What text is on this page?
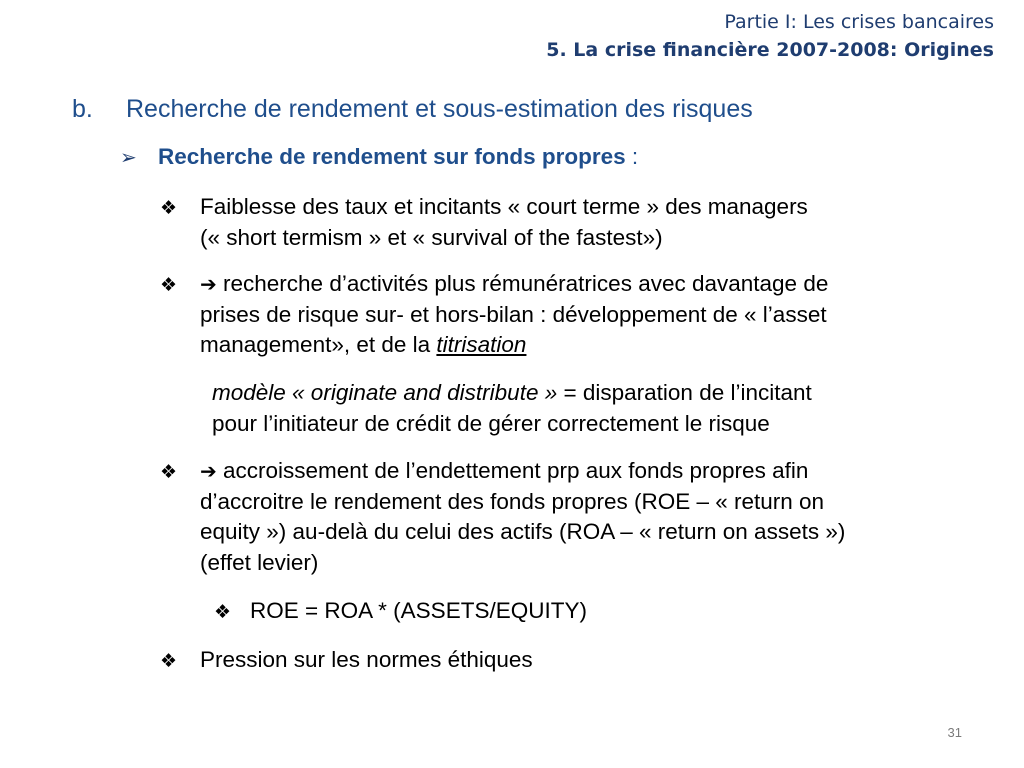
Partie I: Les crises bancaires
5. La crise financière 2007-2008: Origines
b. Recherche de rendement et sous-estimation des risques
➢ Recherche de rendement sur fonds propres :
❖ Faiblesse des taux et incitants « court terme » des managers
(« short termism » et « survival of the fastest»)
❖ ➔ recherche d’activités plus rémunératrices avec davantage de
prises de risque sur- et hors-bilan : développement de « l’asset
management», et de la titrisation
modèle « originate and distribute » = disparation de l’incitant
pour l’initiateur de crédit de gérer correctement le risque
❖ ➔ accroissement de l’endettement prp aux fonds propres afin
d’accroitre le rendement des fonds propres (ROE – « return on
equity ») au-delà du celui des actifs (ROA – « return on assets »)
(effet levier)
❖ ROE = ROA * (ASSETS/EQUITY)
❖ Pression sur les normes éthiques
31
